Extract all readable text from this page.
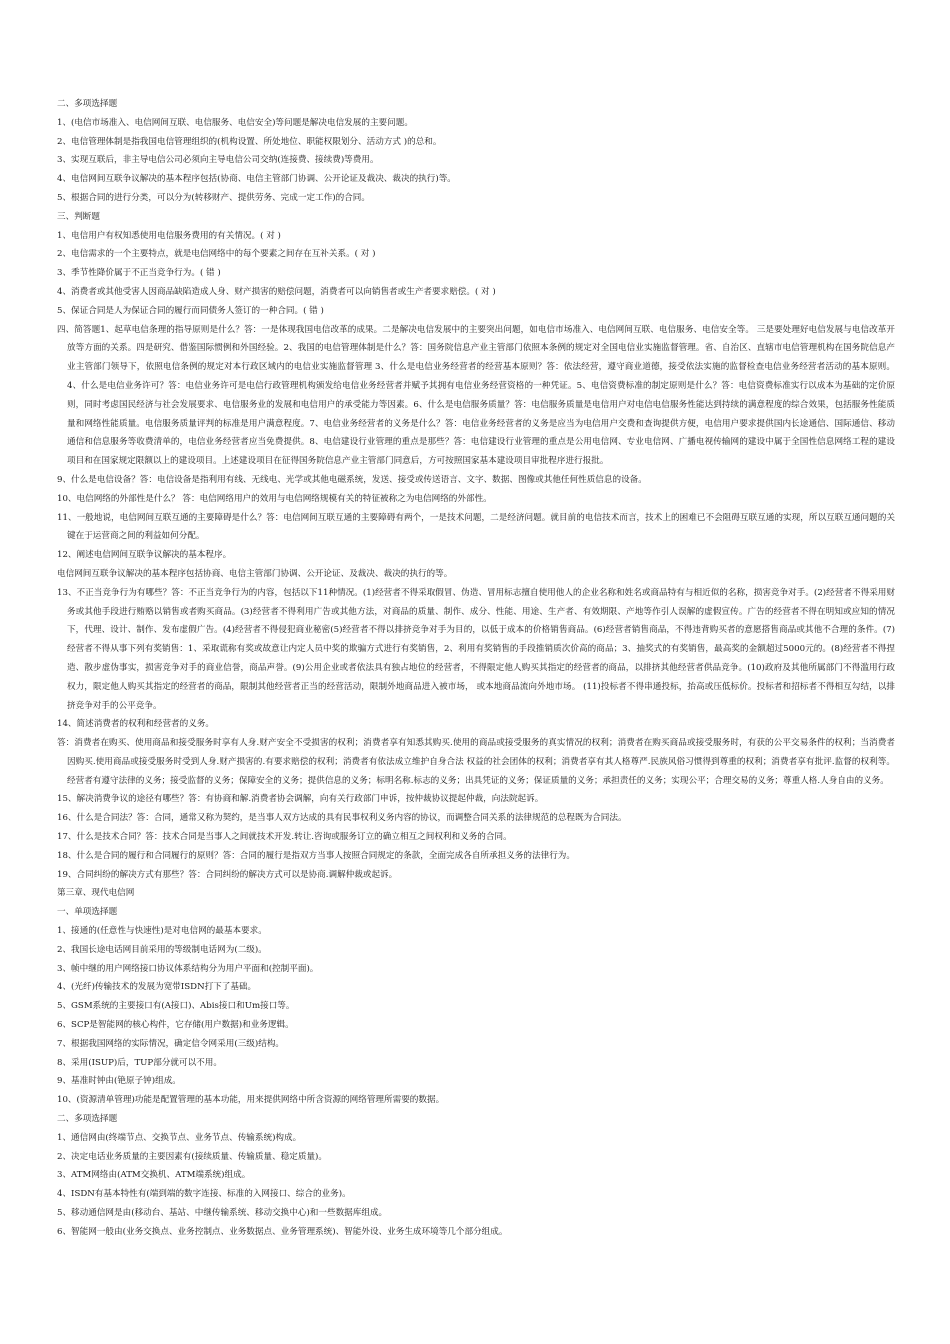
二、多项选择题

1、(电信市场准入、电信网间互联、电信服务、电信安全)等问题是解决电信发展的主要问题。

2、电信管理体制是指我国电信管理组织的(机构设置、所处地位、职能权限划分、活动方式 )的总和。

3、实现互联后，非主导电信公司必须向主导电信公司交纳(连接费、接续费)等费用。

4、电信网间互联争议解决的基本程序包括(协商、电信主管部门协调、公开论证及裁决、裁决的执行)等。

5、根据合同的进行分类，可以分为(转移财产、提供劳务、完成一定工作)的合同。

三、判断题

1、电信用户有权知悉使用电信服务费用的有关情况。( 对 )

2、电信需求的一个主要特点，就是电信网络中的每个要素之间存在互补关系。( 对 )

3、季节性降价属于不正当竞争行为。( 错 )

4、消费者或其他受害人因商品缺陷造成人身、财产损害的赔偿问题，消费者可以向销售者或生产者要求赔偿。( 对 )

5、保证合同是人为保证合同的履行而同债务人签订的一种合同。( 错 )

四、简答题1、起草电信条理的指导原则是什么？答：一是体现我国电信改革的成果。二是解决电信发展中的主要突出问题，如电信市场准入、电信网间互联、电信服务、电信安全等。 三是要处理好电信发展与电信改革开放等方面的关系。四是研究、借鉴国际惯例和外国经验。2、我国的电信管理体制是什么？答：国务院信息产业主管部门依照本条例的规定对全国电信业实施监督管理。省、自治区、直辖市电信管理机构在国务院信息产业主管部门领导下，依照电信条例的规定对本行政区域内的电信业实施监督管理 3、什么是电信业务经营者的经营基本原则？答：依法经营，遵守商业道德，接受依法实施的监督检查电信业务经营者活动的基本原则。4、什么是电信业务许可？答：电信业务许可是电信行政管理机构颁发给电信业务经营者并赋予其拥有电信业务经营资格的一种凭证。5、电信资费标准的制定原则是什么？答：电信资费标准实行以成本为基础的定价原则，同时考虑国民经济与社会发展要求、电信服务业的发展和电信用户的承受能力等因素。6、什么是电信服务质量？答：电信服务质量是电信用户对电信电信服务性能达到持续的满意程度的综合效果，包括服务性能质量和网络性能质量。电信服务质量评判的标准是用户满意程度。7、电信业务经营者的义务是什么？答：电信业务经营者的义务是应当为电信用户交费和查询提供方便，电信用户要求提供国内长途通信、国际通信、移动通信和信息服务等收费清单的，电信业务经营者应当免费提供。8、电信建设行业管理的重点是那些？答：电信建设行业管理的重点是公用电信网、专业电信网、广播电视传输网的建设中属于全国性信息网络工程的建设项目和在国家规定限额以上的建设项目。上述建设项目在征得国务院信息产业主管部门同意后，方可按照国家基本建设项目审批程序进行报批。

9、什么是电信设备？答：电信设备是指利用有线、无线电、光学或其他电磁系统，发送、接受或传送语言、文字、数据、图像或其他任何性质信息的设备。

10、电信网络的外部性是什么？ 答：电信网络用户的效用与电信网络规模有关的特征被称之为电信网络的外部性。

11、一般地说，电信网间互联互通的主要障碍是什么？答：电信网间互联互通的主要障碍有两个，一是技术问题，二是经济问题。就目前的电信技术而言，技术上的困难已不会阻碍互联互通的实现，所以互联互通问题的关键在于运营商之间的利益如何分配。

12、阐述电信网间互联争议解决的基本程序。

电信网间互联争议解决的基本程序包括协商、电信主管部门协调、公开论证、及裁决、裁决的执行的等。

13、不正当竞争行为有哪些？答：不正当竞争行为的内容，包括以下11种情况。(1)经营者不得采取假冒、伪造、冒用标志擅自使用他人的企业名称和姓名或商品特有与相近似的名称，损害竞争对手。(2)经营者不得采用财务或其他手段进行贿赂以销售或者购买商品。(3)经营者不得利用广告或其他方法，对商品的质量、制作、成分、性能、用途、生产者、有效期限、产地等作引人误解的虚假宣传。广告的经营者不得在明知或应知的情况下，代理、设计、制作、发布虚假广告。(4)经营者不得侵犯商业秘密(5)经营者不得以排挤竞争对手为目的，以低于成本的价格销售商品。(6)经营者销售商品，不得违背购买者的意愿搭售商品或其他不合理的条件。(7)经营者不得从事下列有奖销售：1、采取谎称有奖或故意让内定人员中奖的欺骗方式进行有奖销售，2、利用有奖销售的手段推销质次价高的商品；3、抽奖式的有奖销售，最高奖的金额超过5000元的。(8)经营者不得捏造、散步虚伪事实，损害竞争对手的商业信誉，商品声誉。(9)公用企业或者依法具有独占地位的经营者，不得限定他人购买其指定的经营者的商品，以排挤其他经营者供品竞争。(10)政府及其他所属部门不得滥用行政权力，限定他人购买其指定的经营者的商品，限制其他经营者正当的经营活动，限制外地商品进入被市场， 或本地商品流向外地市场。 (11)投标者不得串通投标，抬高或压低标价。投标者和招标者不得相互勾结，以排挤竞争对手的公平竞争。

14、简述消费者的权利和经营者的义务。

答：消费者在购买、使用商品和接受服务时享有人身.财产安全不受损害的权利；消费者享有知悉其购买.使用的商品或接受服务的真实情况的权利；消费者在购买商品或接受服务时，有获的公平交易条件的权利；当消费者因购买.使用商品或接受服务时受到人身.财产损害的.有要求赔偿的权利；消费者有依法成立维护自身合法 权益的社会团体的权利；消费者享有其人格尊严.民族风俗习惯得到尊重的权利；消费者享有批评.监督的权利等。 经营者有遵守法律的义务；接受监督的义务；保障安全的义务；提供信息的义务；标明名称.标志的义务；出具凭证的义务；保证质量的义务；承担责任的义务；实现公平；合理交易的义务；尊重人格.人身自由的义务。

15、解决消费争议的途径有哪些？答：有协商和解.消费者协会调解，向有关行政部门申诉，按仲裁协议提起仲裁，向法院起诉。

16、什么是合同法？答：合同，通常又称为契约，是当事人双方达成的具有民事权利义务内容的协议，而调整合同关系的法律规范的总程既为合同法。

17、什么是技术合同？答：技术合同是当事人之间就技术开发.转让.咨询或服务订立的确立相互之间权利和义务的合同。

18、什么是合同的履行和合同履行的原则？答：合同的履行是指双方当事人按照合同规定的条款，全面完成各自所承担义务的法律行为。

19、合同纠纷的解决方式有那些？答：合同纠纷的解决方式可以是协商.调解仲裁或起诉。

第三章、现代电信网

一、单项选择题

1、接通的(任意性与快速性)是对电信网的最基本要求。

2、我国长途电话网目前采用的等级制电话网为(二级)。

3、帧中继的用户网络接口协议体系结构分为用户平面和(控制平面)。

4、(光纤)传输技术的发展为宽带ISDN打下了基础。

5、GSM系统的主要接口有(A接口)、Abis接口和Um接口等。

6、SCP是智能网的核心构件，它存储(用户数据)和业务逻辑。

7、根据我国网络的实际情况，确定信令网采用(三级)结构。

8、采用(ISUP)后，TUP部分就可以不用。

9、基准时钟由(铯原子钟)组成。

10、(资源清单管理)功能是配置管理的基本功能，用来提供网络中所含资源的网络管理所需要的数据。

二、多项选择题

1、通信网由(终端节点、交换节点、业务节点、传输系统)构成。

2、决定电话业务质量的主要因素有(接续质量、传输质量、稳定质量)。

3、ATM网络由(ATM交换机、ATM端系统)组成。

4、ISDN有基本特性有(端到端的数字连接、标准的入网接口、综合的业务)。

5、移动通信网是由(移动台、基站、中继传输系统、移动交换中心)和一些数据库组成。

6、智能网一般由(业务交换点、业务控制点、业务数据点、业务管理系统)、智能外设、业务生成环境等几个部分组成。
